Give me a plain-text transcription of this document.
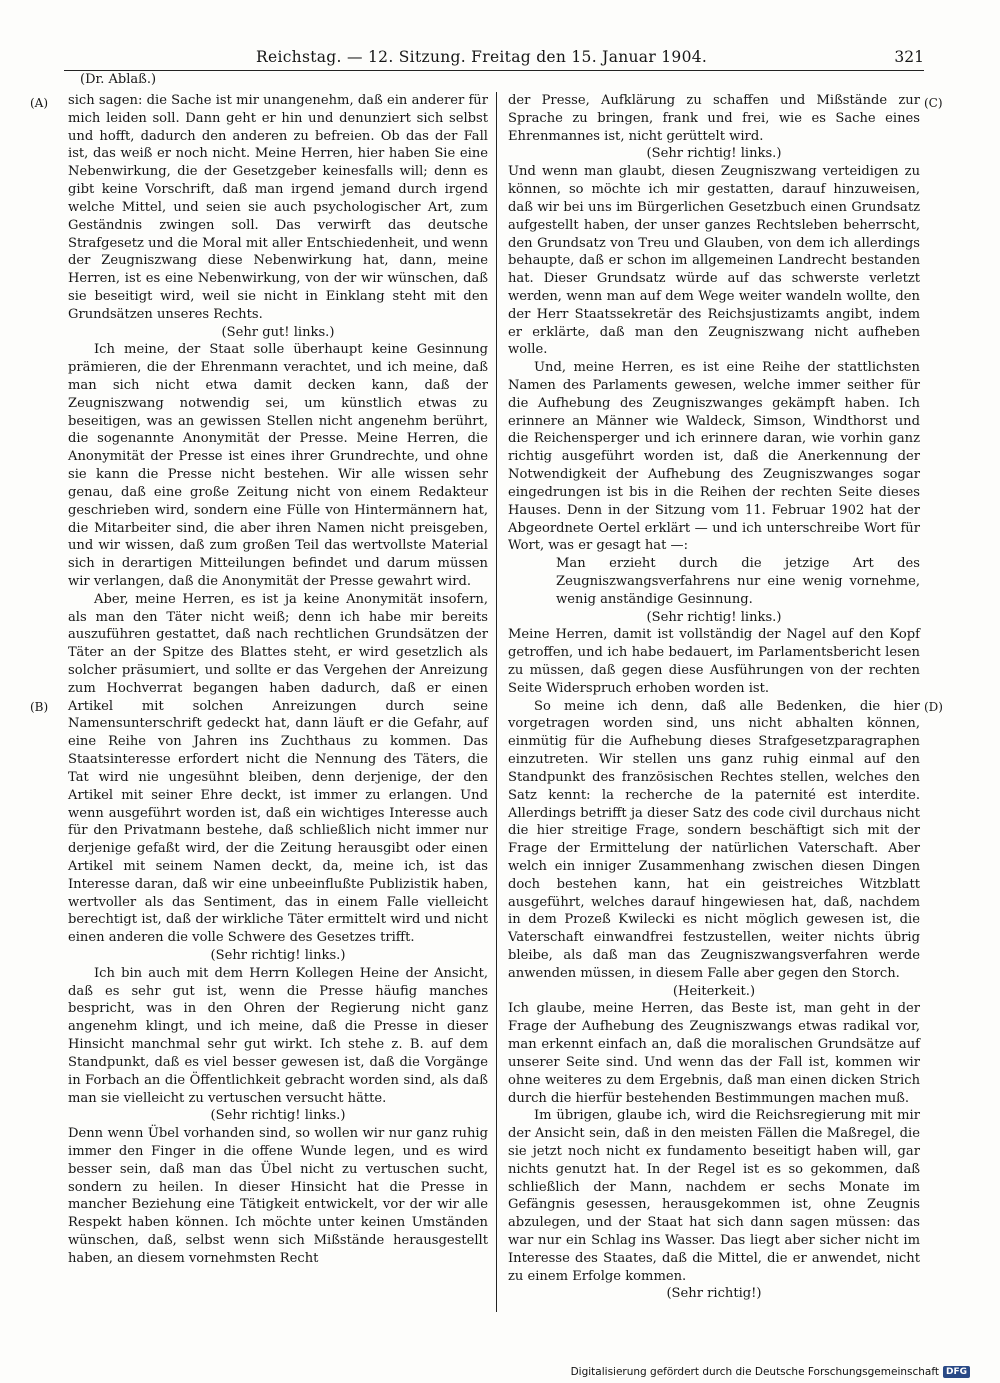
Reichstag. — 12. Sitzung. Freitag den 15. Januar 1904.	321
(Dr. Ablaß.)
(A)
(B)
(C)
(D)

sich sagen: die Sache ist mir unangenehm, daß ein anderer für mich leiden soll. Dann geht er hin und denunziert sich selbst und hofft, dadurch den anderen zu befreien. Ob das der Fall ist, das weiß er noch nicht. Meine Herren, hier haben Sie eine Nebenwirkung, die der Gesetzgeber keinesfalls will; denn es gibt keine Vorschrift, daß man irgend jemand durch irgend welche Mittel, und seien sie auch psychologischer Art, zum Geständnis zwingen soll. Das verwirft das deutsche Strafgesetz und die Moral mit aller Entschiedenheit, und wenn der Zeugniszwang diese Nebenwirkung hat, dann, meine Herren, ist es eine Nebenwirkung, von der wir wünschen, daß sie beseitigt wird, weil sie nicht in Einklang steht mit den Grundsätzen unseres Rechts.

(Sehr gut! links.)

Ich meine, der Staat solle überhaupt keine Gesinnung prämieren, die der Ehrenmann verachtet, und ich meine, daß man sich nicht etwa damit decken kann, daß der Zeugniszwang notwendig sei, um künstlich etwas zu beseitigen, was an gewissen Stellen nicht angenehm berührt, die sogenannte Anonymität der Presse. Meine Herren, die Anonymität der Presse ist eines ihrer Grundrechte, und ohne sie kann die Presse nicht bestehen. Wir alle wissen sehr genau, daß eine große Zeitung nicht von einem Redakteur geschrieben wird, sondern eine Fülle von Hintermännern hat, die Mitarbeiter sind, die aber ihren Namen nicht preisgeben, und wir wissen, daß zum großen Teil das wertvollste Material sich in derartigen Mitteilungen befindet und darum müssen wir verlangen, daß die Anonymität der Presse gewahrt wird.

Aber, meine Herren, es ist ja keine Anonymität insofern, als man den Täter nicht weiß; denn ich habe mir bereits auszuführen gestattet, daß nach rechtlichen Grundsätzen der Täter an der Spitze des Blattes steht, er wird gesetzlich als solcher präsumiert, und sollte er das Vergehen der Anreizung zum Hochverrat begangen haben dadurch, daß er einen Artikel mit solchen Anreizungen durch seine Namensunterschrift gedeckt hat, dann läuft er die Gefahr, auf eine Reihe von Jahren ins Zuchthaus zu kommen. Das Staatsinteresse erfordert nicht die Nennung des Täters, die Tat wird nie ungesühnt bleiben, denn derjenige, der den Artikel mit seiner Ehre deckt, ist immer zu erlangen. Und wenn ausgeführt worden ist, daß ein wichtiges Interesse auch für den Privatmann bestehe, daß schließlich nicht immer nur derjenige gefaßt wird, der die Zeitung herausgibt oder einen Artikel mit seinem Namen deckt, da, meine ich, ist das Interesse daran, daß wir eine unbeeinflußte Publizistik haben, wertvoller als das Sentiment, das in einem Falle vielleicht berechtigt ist, daß der wirkliche Täter ermittelt wird und nicht einen anderen die volle Schwere des Gesetzes trifft.

(Sehr richtig! links.)

Ich bin auch mit dem Herrn Kollegen Heine der Ansicht, daß es sehr gut ist, wenn die Presse häufig manches bespricht, was in den Ohren der Regierung nicht ganz angenehm klingt, und ich meine, daß die Presse in dieser Hinsicht manchmal sehr gut wirkt. Ich stehe z. B. auf dem Standpunkt, daß es viel besser gewesen ist, daß die Vorgänge in Forbach an die Öffentlichkeit gebracht worden sind, als daß man sie vielleicht zu vertuschen versucht hätte.

(Sehr richtig! links.)

Denn wenn Übel vorhanden sind, so wollen wir nur ganz ruhig immer den Finger in die offene Wunde legen, und es wird besser sein, daß man das Übel nicht zu vertuschen sucht, sondern zu heilen. In dieser Hinsicht hat die Presse in mancher Beziehung eine Tätigkeit entwickelt, vor der wir alle Respekt haben können. Ich möchte unter keinen Umständen wünschen, daß, selbst wenn sich Mißstände herausgestellt haben, an diesem vornehmsten Recht

der Presse, Aufklärung zu schaffen und Mißstände zur Sprache zu bringen, frank und frei, wie es Sache eines Ehrenmannes ist, nicht gerüttelt wird.

(Sehr richtig! links.)

Und wenn man glaubt, diesen Zeugniszwang verteidigen zu können, so möchte ich mir gestatten, darauf hinzuweisen, daß wir bei uns im Bürgerlichen Gesetzbuch einen Grundsatz aufgestellt haben, der unser ganzes Rechtsleben beherrscht, den Grundsatz von Treu und Glauben, von dem ich allerdings behaupte, daß er schon im allgemeinen Landrecht bestanden hat. Dieser Grundsatz würde auf das schwerste verletzt werden, wenn man auf dem Wege weiter wandeln wollte, den der Herr Staatssekretär des Reichsjustizamts angibt, indem er erklärte, daß man den Zeugniszwang nicht aufheben wolle.

Und, meine Herren, es ist eine Reihe der stattlichsten Namen des Parlaments gewesen, welche immer seither für die Aufhebung des Zeugniszwanges gekämpft haben. Ich erinnere an Männer wie Waldeck, Simson, Windthorst und die Reichensperger und ich erinnere daran, wie vorhin ganz richtig ausgeführt worden ist, daß die Anerkennung der Notwendigkeit der Aufhebung des Zeugniszwanges sogar eingedrungen ist bis in die Reihen der rechten Seite dieses Hauses. Denn in der Sitzung vom 11. Februar 1902 hat der Abgeordnete Oertel erklärt — und ich unterschreibe Wort für Wort, was er gesagt hat —:

Man erzieht durch die jetzige Art des Zeugniszwangsverfahrens nur eine wenig vornehme, wenig anständige Gesinnung.

(Sehr richtig! links.)

Meine Herren, damit ist vollständig der Nagel auf den Kopf getroffen, und ich habe bedauert, im Parlamentsbericht lesen zu müssen, daß gegen diese Ausführungen von der rechten Seite Widerspruch erhoben worden ist.

So meine ich denn, daß alle Bedenken, die hier vorgetragen worden sind, uns nicht abhalten können, einmütig für die Aufhebung dieses Strafgesetzparagraphen einzutreten. Wir stellen uns ganz ruhig einmal auf den Standpunkt des französischen Rechtes stellen, welches den Satz kennt: la recherche de la paternité est interdite. Allerdings betrifft ja dieser Satz des code civil durchaus nicht die hier streitige Frage, sondern beschäftigt sich mit der Frage der Ermittelung der natürlichen Vaterschaft. Aber welch ein inniger Zusammenhang zwischen diesen Dingen doch bestehen kann, hat ein geistreiches Witzblatt ausgeführt, welches darauf hingewiesen hat, daß, nachdem in dem Prozeß Kwilecki es nicht möglich gewesen ist, die Vaterschaft einwandfrei festzustellen, weiter nichts übrig bleibe, als daß man das Zeugniszwangsverfahren werde anwenden müssen, in diesem Falle aber gegen den Storch.

(Heiterkeit.)

Ich glaube, meine Herren, das Beste ist, man geht in der Frage der Aufhebung des Zeugniszwangs etwas radikal vor, man erkennt einfach an, daß die moralischen Grundsätze auf unserer Seite sind. Und wenn das der Fall ist, kommen wir ohne weiteres zu dem Ergebnis, daß man einen dicken Strich durch die hierfür bestehenden Bestimmungen machen muß.

Im übrigen, glaube ich, wird die Reichsregierung mit mir der Ansicht sein, daß in den meisten Fällen die Maßregel, die sie jetzt noch nicht ex fundamento beseitigt haben will, gar nichts genutzt hat. In der Regel ist es so gekommen, daß schließlich der Mann, nachdem er sechs Monate im Gefängnis gesessen, herausgekommen ist, ohne Zeugnis abzulegen, und der Staat hat sich dann sagen müssen: das war nur ein Schlag ins Wasser. Das liegt aber sicher nicht im Interesse des Staates, daß die Mittel, die er anwendet, nicht zu einem Erfolge kommen.

(Sehr richtig!)

Digitalisierung gefördert durch die Deutsche Forschungsgemeinschaft DFG
